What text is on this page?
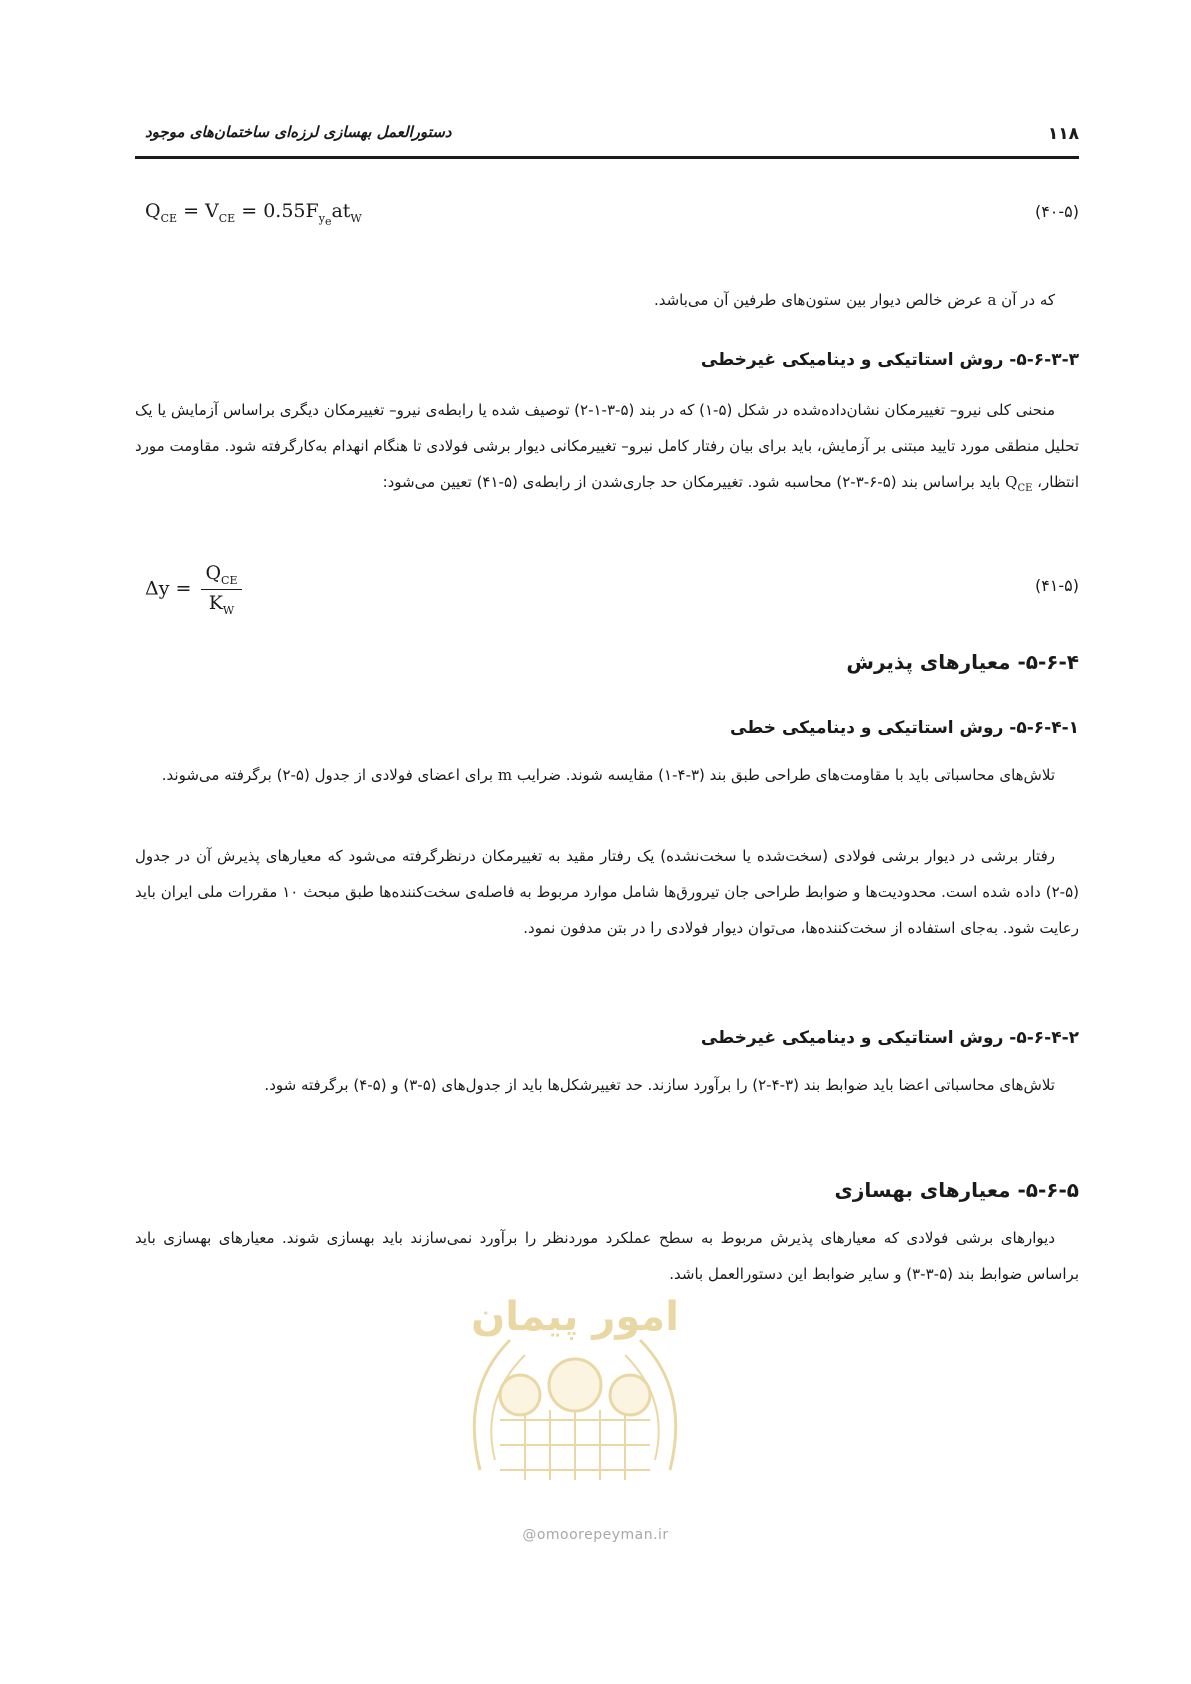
۱۱۸
دستورالعمل بهسازی لرزه‌ای ساختمان‌های موجود
$Q_{CE} = V_{CE} = 0.55F_{y_e}at_W$	(۴۰-۵)

که در آن a عرض خالص دیوار بین ستون‌های طرفین آن می‌باشد.

۵-۶-۳-۳- روش استاتیکی و دینامیکی غیرخطی

منحنی کلی نیرو– تغییرمکان نشان‌داده‌شده در شکل (۵-۱) که در بند (۵-۳-۱-۲) توصیف شده یا رابطه‌ی نیرو– تغییرمکان دیگری براساس آزمایش یا یک تحلیل منطقی مورد تایید مبتنی بر آزمایش، باید برای بیان رفتار کامل نیرو– تغییرمکانی دیوار برشی فولادی تا هنگام انهدام به‌کارگرفته شود. مقاومت مورد انتظار، $Q_{CE}$ باید براساس بند (۵-۶-۳-۲) محاسبه شود. تغییرمکان حد جاری‌شدن از رابطه‌ی (۵-۴۱) تعیین می‌شود:

$\Delta y = \frac{Q_{CE}}{K_W}$	(۴۱-۵)
۵-۶-۴- معیارهای پذیرش
۵-۶-۴-۱- روش استاتیکی و دینامیکی خطی

تلاش‌های محاسباتی باید با مقاومت‌های طراحی طبق بند (۳-۴-۱) مقایسه شوند. ضرایب m برای اعضای فولادی از جدول (۵-۲) برگرفته می‌شوند.

رفتار برشی در دیوار برشی فولادی (سخت‌شده یا سخت‌نشده) یک رفتار مقید به تغییرمکان درنظرگرفته می‌شود که معیارهای پذیرش آن در جدول (۵-۲) داده شده است. محدودیت‌ها و ضوابط طراحی جان تیرورق‌ها شامل موارد مربوط به فاصله‌ی سخت‌کننده‌ها طبق مبحث ۱۰ مقررات ملی ایران باید رعایت شود. به‌جای استفاده از سخت‌کننده‌ها، می‌توان دیوار فولادی را در بتن مدفون نمود.

۵-۶-۴-۲- روش استاتیکی و دینامیکی غیرخطی

تلاش‌های محاسباتی اعضا باید ضوابط بند (۳-۴-۲) را برآورد سازند. حد تغییرشکل‌ها باید از جدول‌های (۵-۳) و (۵-۴) برگرفته شود.

۵-۶-۵- معیارهای بهسازی

دیوارهای برشی فولادی که معیارهای پذیرش مربوط به سطح عملکرد موردنظر را برآورد نمی‌سازند باید بهسازی شوند. معیارهای بهسازی باید براساس ضوابط بند (۵-۳-۳) و سایر ضوابط این دستورالعمل باشد.

امور پیمان
@omoorepeyman.ir
